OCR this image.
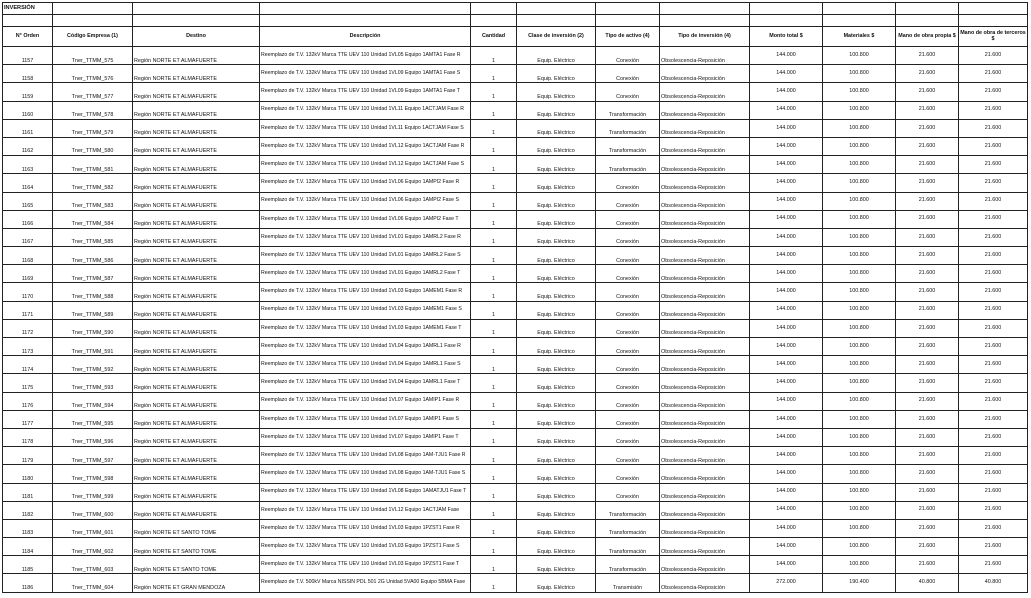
INVERSIÓN											

N° Orden	Código Empresa (1)	Destino	Descripción	Cantidad	Clase de inversión (2)	Tipo de activo (4)	Tipo de inversión (4)	Monto total $	Materiales $	Mano de obra propia $	Mano de obra de terceros $
1157	Tner_TTMM_575	Región NORTE ET ALMAFUERTE	Reemplazo de T.V. 132kV Marca TTE UEV 110 Unidad 1VL05 Equipo 1AMTA1 Fase R	1	Equip. Eléctrico	Conexión	Obsolescencia-Reposición	144.000	100.800	21.600	21.600
1158	Tner_TTMM_576	Región NORTE ET ALMAFUERTE	Reemplazo de T.V. 132kV Marca TTE UEV 110 Unidad 1VL09 Equipo 1AMTA1 Fase S	1	Equip. Eléctrico	Conexión	Obsolescencia-Reposición	144.000	100.800	21.600	21.600
1159	Tner_TTMM_577	Región NORTE ET ALMAFUERTE	Reemplazo de T.V. 132kV Marca TTE UEV 110 Unidad 1VL09 Equipo 1AMTA1 Fase T	1	Equip. Eléctrico	Conexión	Obsolescencia-Reposición	144.000	100.800	21.600	21.600
1160	Tner_TTMM_578	Región NORTE ET ALMAFUERTE	Reemplazo de T.V. 132kV Marca TTE UEV 110 Unidad 1VL11 Equipo 1ACTJAM Fase R	1	Equip. Eléctrico	Transformación	Obsolescencia-Reposición	144.000	100.800	21.600	21.600
1161	Tner_TTMM_579	Región NORTE ET ALMAFUERTE	Reemplazo de T.V. 132kV Marca TTE UEV 110 Unidad 1VL11 Equipo 1ACTJAM Fase S	1	Equip. Eléctrico	Transformación	Obsolescencia-Reposición	144.000	100.800	21.600	21.600
1162	Tner_TTMM_580	Región NORTE ET ALMAFUERTE	Reemplazo de T.V. 132kV Marca TTE UEV 110 Unidad 1VL12 Equipo 1ACTJAM Fase R	1	Equip. Eléctrico	Transformación	Obsolescencia-Reposición	144.000	100.800	21.600	21.600
1163	Tner_TTMM_581	Región NORTE ET ALMAFUERTE	Reemplazo de T.V. 132kV Marca TTE UEV 110 Unidad 1VL12 Equipo 1ACTJAM Fase S	1	Equip. Eléctrico	Transformación	Obsolescencia-Reposición	144.000	100.800	21.600	21.600
1164	Tner_TTMM_582	Región NORTE ET ALMAFUERTE	Reemplazo de T.V. 132kV Marca TTE UEV 110 Unidad 1VL06 Equipo 1AMPI2 Fase R	1	Equip. Eléctrico	Conexión	Obsolescencia-Reposición	144.000	100.800	21.600	21.600
1165	Tner_TTMM_583	Región NORTE ET ALMAFUERTE	Reemplazo de T.V. 132kV Marca TTE UEV 110 Unidad 1VL06 Equipo 1AMPI2 Fase S	1	Equip. Eléctrico	Conexión	Obsolescencia-Reposición	144.000	100.800	21.600	21.600
1166	Tner_TTMM_584	Región NORTE ET ALMAFUERTE	Reemplazo de T.V. 132kV Marca TTE UEV 110 Unidad 1VL06 Equipo 1AMPI2 Fase T	1	Equip. Eléctrico	Conexión	Obsolescencia-Reposición	144.000	100.800	21.600	21.600
1167	Tner_TTMM_585	Región NORTE ET ALMAFUERTE	Reemplazo de T.V. 132kV Marca TTE UEV 110 Unidad 1VL01 Equipo 1AMRL2 Fase R	1	Equip. Eléctrico	Conexión	Obsolescencia-Reposición	144.000	100.800	21.600	21.600
1168	Tner_TTMM_586	Región NORTE ET ALMAFUERTE	Reemplazo de T.V. 132kV Marca TTE UEV 110 Unidad 1VL01 Equipo 1AMRL2 Fase S	1	Equip. Eléctrico	Conexión	Obsolescencia-Reposición	144.000	100.800	21.600	21.600
1169	Tner_TTMM_587	Región NORTE ET ALMAFUERTE	Reemplazo de T.V. 132kV Marca TTE UEV 110 Unidad 1VL01 Equipo 1AMRL2 Fase T	1	Equip. Eléctrico	Conexión	Obsolescencia-Reposición	144.000	100.800	21.600	21.600
1170	Tner_TTMM_588	Región NORTE ET ALMAFUERTE	Reemplazo de T.V. 132kV Marca TTE UEV 110 Unidad 1VL03 Equipo 1AMEM1 Fase R	1	Equip. Eléctrico	Conexión	Obsolescencia-Reposición	144.000	100.800	21.600	21.600
1171	Tner_TTMM_589	Región NORTE ET ALMAFUERTE	Reemplazo de T.V. 132kV Marca TTE UEV 110 Unidad 1VL03 Equipo 1AMEM1 Fase S	1	Equip. Eléctrico	Conexión	Obsolescencia-Reposición	144.000	100.800	21.600	21.600
1172	Tner_TTMM_590	Región NORTE ET ALMAFUERTE	Reemplazo de T.V. 132kV Marca TTE UEV 110 Unidad 1VL03 Equipo 1AMEM1 Fase T	1	Equip. Eléctrico	Conexión	Obsolescencia-Reposición	144.000	100.800	21.600	21.600
1173	Tner_TTMM_591	Región NORTE ET ALMAFUERTE	Reemplazo de T.V. 132kV Marca TTE UEV 110 Unidad 1VL04 Equipo 1AMRL1 Fase R	1	Equip. Eléctrico	Conexión	Obsolescencia-Reposición	144.000	100.800	21.600	21.600
1174	Tner_TTMM_592	Región NORTE ET ALMAFUERTE	Reemplazo de T.V. 132kV Marca TTE UEV 110 Unidad 1VL04 Equipo 1AMRL1 Fase S	1	Equip. Eléctrico	Conexión	Obsolescencia-Reposición	144.000	100.800	21.600	21.600
1175	Tner_TTMM_593	Región NORTE ET ALMAFUERTE	Reemplazo de T.V. 132kV Marca TTE UEV 110 Unidad 1VL04 Equipo 1AMRL1 Fase T	1	Equip. Eléctrico	Conexión	Obsolescencia-Reposición	144.000	100.800	21.600	21.600
1176	Tner_TTMM_594	Región NORTE ET ALMAFUERTE	Reemplazo de T.V. 132kV Marca TTE UEV 110 Unidad 1VL07 Equipo 1AMIP1 Fase R	1	Equip. Eléctrico	Conexión	Obsolescencia-Reposición	144.000	100.800	21.600	21.600
1177	Tner_TTMM_595	Región NORTE ET ALMAFUERTE	Reemplazo de T.V. 132kV Marca TTE UEV 110 Unidad 1VL07 Equipo 1AMIP1 Fase S	1	Equip. Eléctrico	Conexión	Obsolescencia-Reposición	144.000	100.800	21.600	21.600
1178	Tner_TTMM_596	Región NORTE ET ALMAFUERTE	Reemplazo de T.V. 132kV Marca TTE UEV 110 Unidad 1VL07 Equipo 1AMIP1 Fase T	1	Equip. Eléctrico	Conexión	Obsolescencia-Reposición	144.000	100.800	21.600	21.600
1179	Tner_TTMM_597	Región NORTE ET ALMAFUERTE	Reemplazo de T.V. 132kV Marca TTE UEV 110 Unidad 1VL08 Equipo 1AM-TJU1 Fase R	1	Equip. Eléctrico	Conexión	Obsolescencia-Reposición	144.000	100.800	21.600	21.600
1180	Tner_TTMM_598	Región NORTE ET ALMAFUERTE	Reemplazo de T.V. 132kV Marca TTE UEV 110 Unidad 1VL08 Equipo 1AM-TJU1 Fase S	1	Equip. Eléctrico	Conexión	Obsolescencia-Reposición	144.000	100.800	21.600	21.600
1181	Tner_TTMM_599	Región NORTE ET ALMAFUERTE	Reemplazo de T.V. 132kV Marca TTE UEV 110 Unidad 1VL08 Equipo 1AMATJU1 Fase T	1	Equip. Eléctrico	Conexión	Obsolescencia-Reposición	144.000	100.800	21.600	21.600
1182	Tner_TTMM_600	Región NORTE ET ALMAFUERTE	Reemplazo de T.V. 132kV Marca TTE UEV 110 Unidad 1VL12 Equipo 1ACTJAM Fase	1	Equip. Eléctrico	Transformación	Obsolescencia-Reposición	144.000	100.800	21.600	21.600
1183	Tner_TTMM_601	Región NORTE ET SANTO TOME	Reemplazo de T.V. 132kV Marca TTE UEV 110 Unidad 1VL03 Equipo 1PZST1 Fase R	1	Equip. Eléctrico	Transformación	Obsolescencia-Reposición	144.000	100.800	21.600	21.600
1184	Tner_TTMM_602	Región NORTE ET SANTO TOME	Reemplazo de T.V. 132kV Marca TTE UEV 110 Unidad 1VL03 Equipo 1PZST1 Fase S	1	Equip. Eléctrico	Transformación	Obsolescencia-Reposición	144.000	100.800	21.600	21.600
1185	Tner_TTMM_603	Región NORTE ET SANTO TOME	Reemplazo de T.V. 132kV Marca TTE UEV 110 Unidad 1VL03 Equipo 1PZST1 Fase T	1	Equip. Eléctrico	Transformación	Obsolescencia-Reposición	144.000	100.800	21.600	21.600
1186	Tner_TTMM_604	Región NORTE ET GRAN MENDOZA	Reemplazo de T.V. 500kV Marca NISSIN PDL 501 2G Unidad 5VA00 Equipo 5BMA Fase	1	Equip. Eléctrico	Transmisión	Obsolescencia-Reposición	272.000	190.400	40.800	40.800
